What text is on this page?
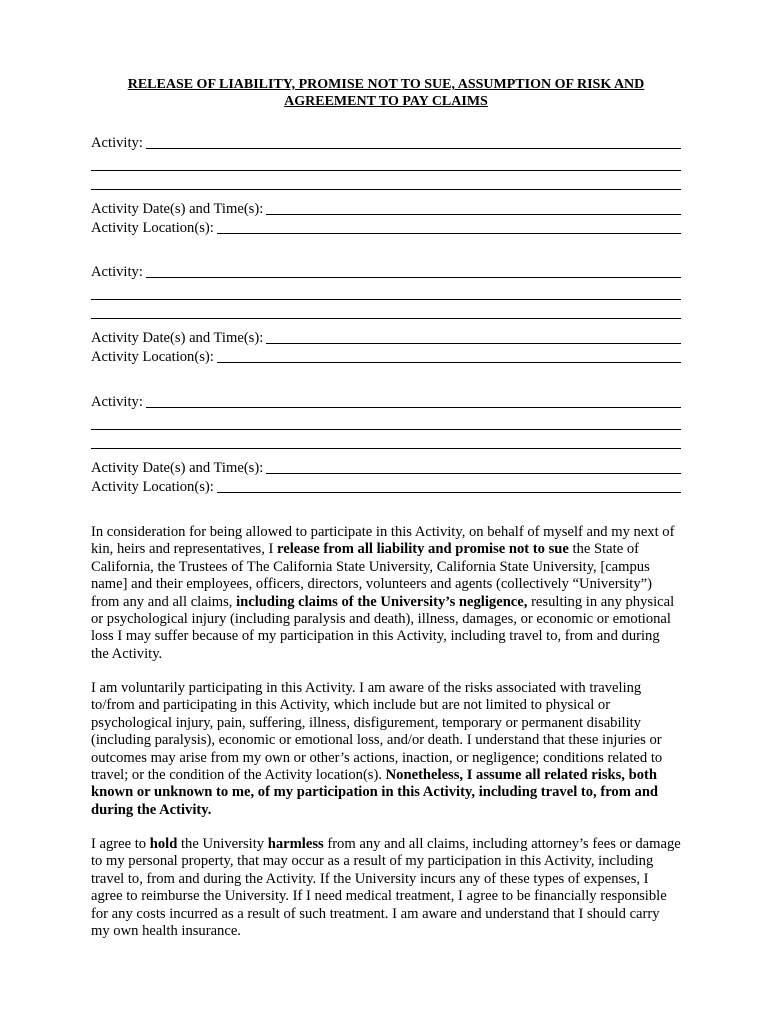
RELEASE OF LIABILITY, PROMISE NOT TO SUE, ASSUMPTION OF RISK AND
AGREEMENT TO PAY CLAIMS
Activity:
Activity Date(s) and Time(s):
Activity Location(s):
Activity:
Activity Date(s) and Time(s):
Activity Location(s):
Activity:
Activity Date(s) and Time(s):
Activity Location(s):

In consideration for being allowed to participate in this Activity, on behalf of myself and my next of kin, heirs and representatives, I release from all liability and promise not to sue the State of California, the Trustees of The California State University, California State University, [campus name] and their employees, officers, directors, volunteers and agents (collectively “University”) from any and all claims, including claims of the University’s negligence, resulting in any physical or psychological injury (including paralysis and death), illness, damages, or economic or emotional loss I may suffer because of my participation in this Activity, including travel to, from and during the Activity.

I am voluntarily participating in this Activity. I am aware of the risks associated with traveling to/from and participating in this Activity, which include but are not limited to physical or psychological injury, pain, suffering, illness, disfigurement, temporary or permanent disability (including paralysis), economic or emotional loss, and/or death. I understand that these injuries or outcomes may arise from my own or other’s actions, inaction, or negligence; conditions related to travel; or the condition of the Activity location(s). Nonetheless, I assume all related risks, both known or unknown to me, of my participation in this Activity, including travel to, from and during the Activity.

I agree to hold the University harmless from any and all claims, including attorney’s fees or damage to my personal property, that may occur as a result of my participation in this Activity, including travel to, from and during the Activity. If the University incurs any of these types of expenses, I agree to reimburse the University. If I need medical treatment, I agree to be financially responsible for any costs incurred as a result of such treatment. I am aware and understand that I should carry my own health insurance.
